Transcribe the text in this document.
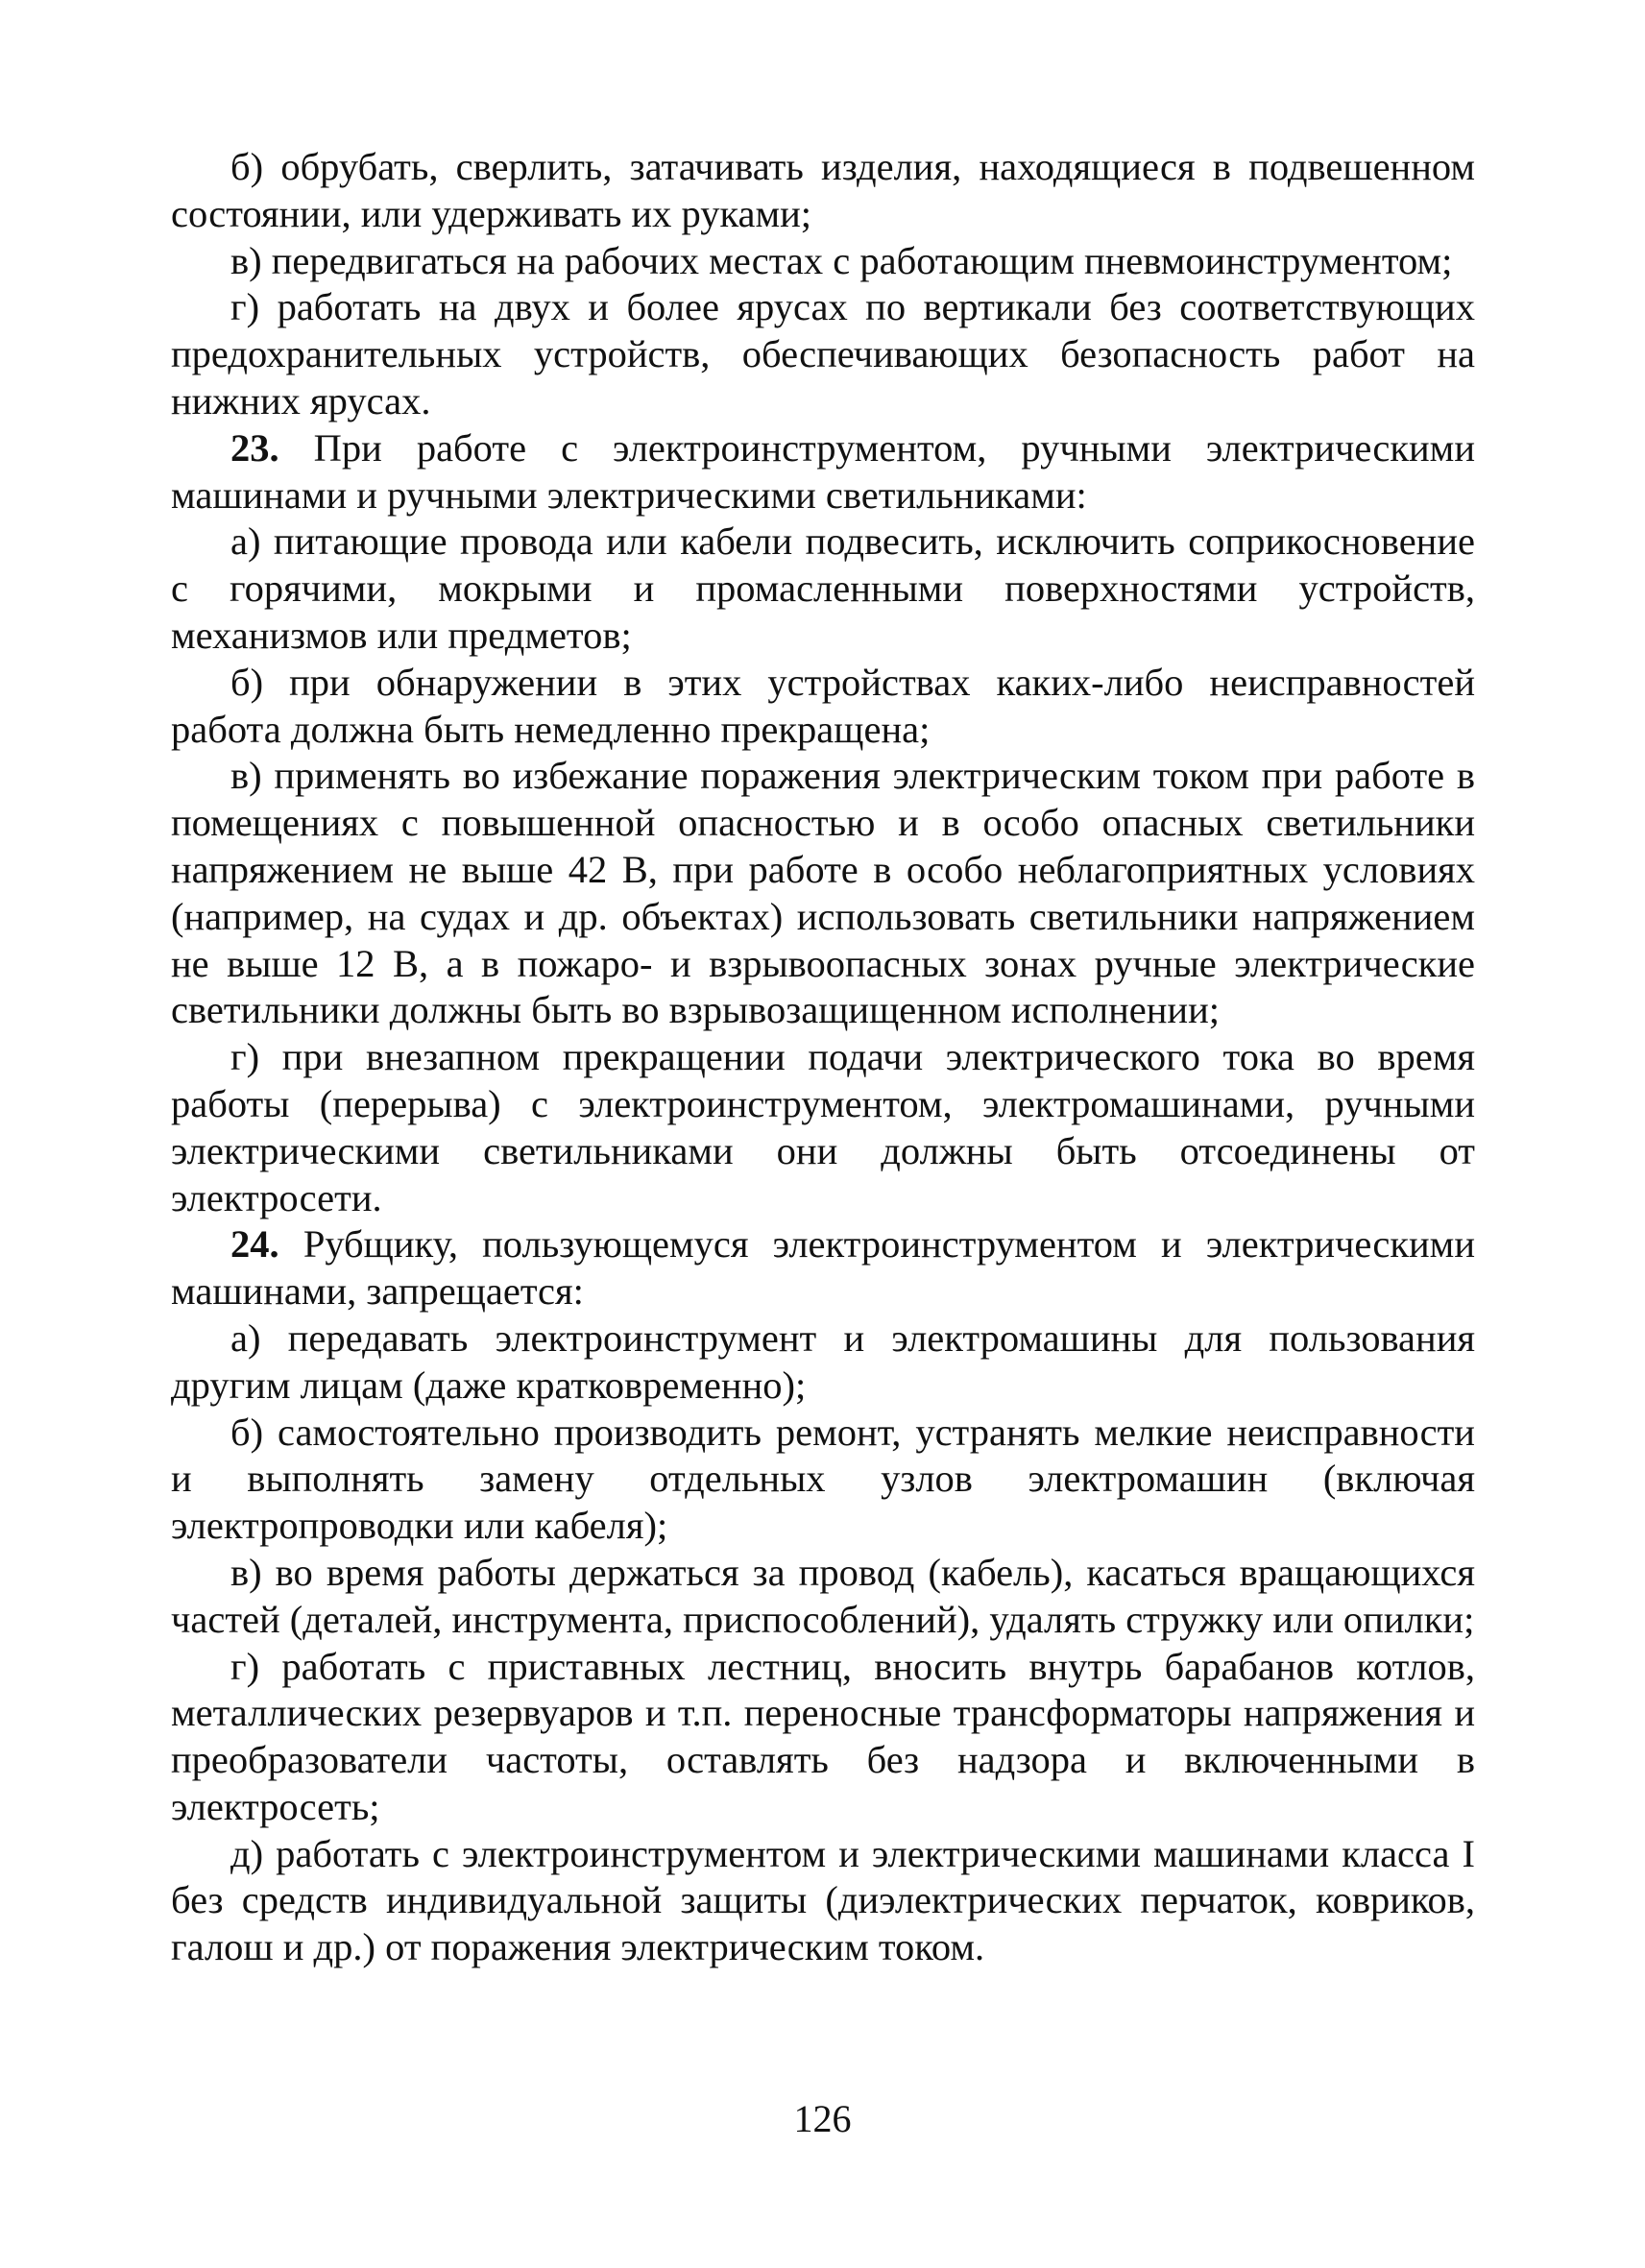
б) обрубать, сверлить, затачивать изделия, находящиеся в подвешенном состоянии, или удерживать их руками;

в) передвигаться на рабочих местах с работающим пневмоинструментом;

г) работать на двух и более ярусах по вертикали без соответствующих предохранительных устройств, обеспечивающих безопасность работ на нижних ярусах.

23. При работе с электроинструментом, ручными электрическими машинами и ручными электрическими светильниками:

а) питающие провода или кабели подвесить, исключить соприкосновение с горячими, мокрыми и промасленными поверхностями устройств, механизмов или предметов;

б) при обнаружении в этих устройствах каких-либо неисправностей работа должна быть немедленно прекращена;

в) применять во избежание поражения электрическим током при работе в помещениях с повышенной опасностью и в особо опасных светильники напряжением не выше 42 В, при работе в особо неблагоприятных условиях (например, на судах и др. объектах) использовать светильники напряжением не выше 12 В, а в пожаро- и взрывоопасных зонах ручные электрические светильники должны быть во взрывозащищенном исполнении;

г) при внезапном прекращении подачи электрического тока во время работы (перерыва) с электроинструментом, электромашинами, ручными электрическими светильниками они должны быть отсоединены от электросети.

24. Рубщику, пользующемуся электроинструментом и электрическими машинами, запрещается:

а) передавать электроинструмент и электромашины для пользования другим лицам (даже кратковременно);

б) самостоятельно производить ремонт, устранять мелкие неисправности и выполнять замену отдельных узлов электромашин (включая электропроводки или кабеля);

в) во время работы держаться за провод (кабель), касаться вращающихся частей (деталей, инструмента, приспособлений), удалять стружку или опилки;

г) работать с приставных лестниц, вносить внутрь барабанов котлов, металлических резервуаров и т.п. переносные трансформаторы напряжения и преобразователи частоты, оставлять без надзора и включенными в электросеть;

д) работать с электроинструментом и электрическими машинами класса I без средств индивидуальной защиты (диэлектрических перчаток, ковриков, галош и др.) от поражения электрическим током.

126
